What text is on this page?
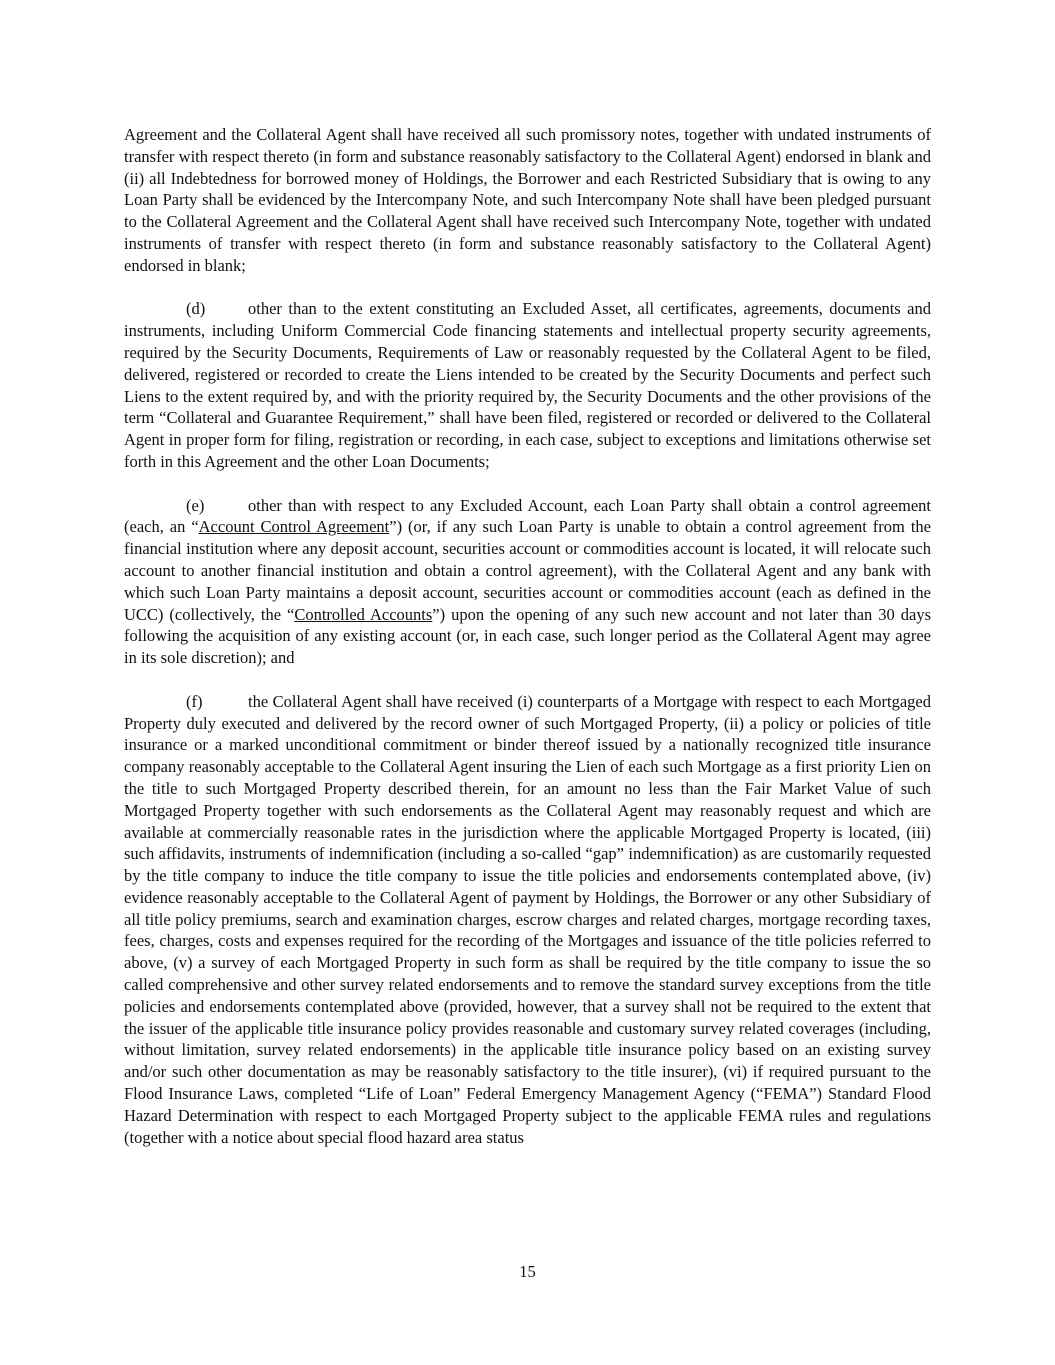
Agreement and the Collateral Agent shall have received all such promissory notes, together with undated instruments of transfer with respect thereto (in form and substance reasonably satisfactory to the Collateral Agent) endorsed in blank and (ii) all Indebtedness for borrowed money of Holdings, the Borrower and each Restricted Subsidiary that is owing to any Loan Party shall be evidenced by the Intercompany Note, and such Intercompany Note shall have been pledged pursuant to the Collateral Agreement and the Collateral Agent shall have received such Intercompany Note, together with undated instruments of transfer with respect thereto (in form and substance reasonably satisfactory to the Collateral Agent) endorsed in blank;

(d)	other than to the extent constituting an Excluded Asset, all certificates, agreements, documents and instruments, including Uniform Commercial Code financing statements and intellectual property security agreements, required by the Security Documents, Requirements of Law or reasonably requested by the Collateral Agent to be filed, delivered, registered or recorded to create the Liens intended to be created by the Security Documents and perfect such Liens to the extent required by, and with the priority required by, the Security Documents and the other provisions of the term “Collateral and Guarantee Requirement,” shall have been filed, registered or recorded or delivered to the Collateral Agent in proper form for filing, registration or recording, in each case, subject to exceptions and limitations otherwise set forth in this Agreement and the other Loan Documents;

(e)	other than with respect to any Excluded Account, each Loan Party shall obtain a control agreement (each, an “Account Control Agreement”) (or, if any such Loan Party is unable to obtain a control agreement from the financial institution where any deposit account, securities account or commodities account is located, it will relocate such account to another financial institution and obtain a control agreement), with the Collateral Agent and any bank with which such Loan Party maintains a deposit account, securities account or commodities account (each as defined in the UCC) (collectively, the “Controlled Accounts”) upon the opening of any such new account and not later than 30 days following the acquisition of any existing account (or, in each case, such longer period as the Collateral Agent may agree in its sole discretion); and

(f)	the Collateral Agent shall have received (i) counterparts of a Mortgage with respect to each Mortgaged Property duly executed and delivered by the record owner of such Mortgaged Property, (ii) a policy or policies of title insurance or a marked unconditional commitment or binder thereof issued by a nationally recognized title insurance company reasonably acceptable to the Collateral Agent insuring the Lien of each such Mortgage as a first priority Lien on the title to such Mortgaged Property described therein, for an amount no less than the Fair Market Value of such Mortgaged Property together with such endorsements as the Collateral Agent may reasonably request and which are available at commercially reasonable rates in the jurisdiction where the applicable Mortgaged Property is located, (iii) such affidavits, instruments of indemnification (including a so-called “gap” indemnification) as are customarily requested by the title company to induce the title company to issue the title policies and endorsements contemplated above, (iv) evidence reasonably acceptable to the Collateral Agent of payment by Holdings, the Borrower or any other Subsidiary of all title policy premiums, search and examination charges, escrow charges and related charges, mortgage recording taxes, fees, charges, costs and expenses required for the recording of the Mortgages and issuance of the title policies referred to above, (v) a survey of each Mortgaged Property in such form as shall be required by the title company to issue the so called comprehensive and other survey related endorsements and to remove the standard survey exceptions from the title policies and endorsements contemplated above (provided, however, that a survey shall not be required to the extent that the issuer of the applicable title insurance policy provides reasonable and customary survey related coverages (including, without limitation, survey related endorsements) in the applicable title insurance policy based on an existing survey and/or such other documentation as may be reasonably satisfactory to the title insurer), (vi) if required pursuant to the Flood Insurance Laws, completed “Life of Loan” Federal Emergency Management Agency (“FEMA”) Standard Flood Hazard Determination with respect to each Mortgaged Property subject to the applicable FEMA rules and regulations (together with a notice about special flood hazard area status

15
